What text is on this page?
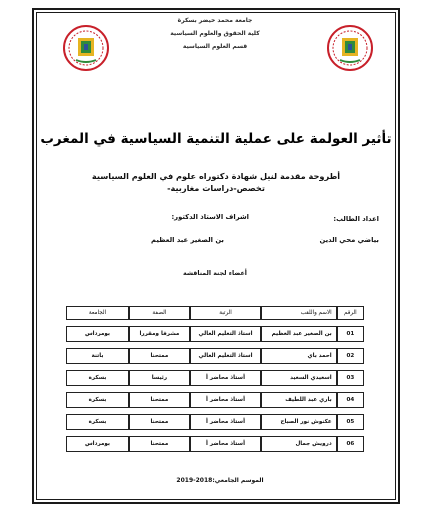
جامعة محمد خيضر بسكرة
كلية الحقوق والعلوم السياسية
قسم العلوم السياسية
تأثير العولمة على عملية التنمية السياسية في المغرب
أطروحة مقدمة لنيل شهادة دكتوراه علوم في العلوم السياسية
تخصص-دراسات مغاربية-
اعداد الطالب:
بياضي محي الدين
اشراف الاستاذ الدكتور:
بن الصغير عبد العظيم
أعضاء لجنة المناقشة
الرقم	الاسم واللقب	الرتبة	الصفة	الجامعة
01	بن الصغير عبد العظيم	استاذ التعليم العالي	مشرفا ومقررا	بومرداس
02	احمد باي	استاذ التعليم العالي	ممتحنا	باتنة
03	اسعيدي السعيد	أستاذ محاضر أ	رئيسا	بسكرة
04	باري عبد اللطيف	أستاذ محاضر أ	ممتحنا	بسكرة
05	عكنوش نور الصباح	أستاذ محاضر أ	ممتحنا	بسكرة
06	درويش جمال	أستاذ محاضر أ	ممتحنا	بومرداس
الموسم الجامعي:2018-2019
